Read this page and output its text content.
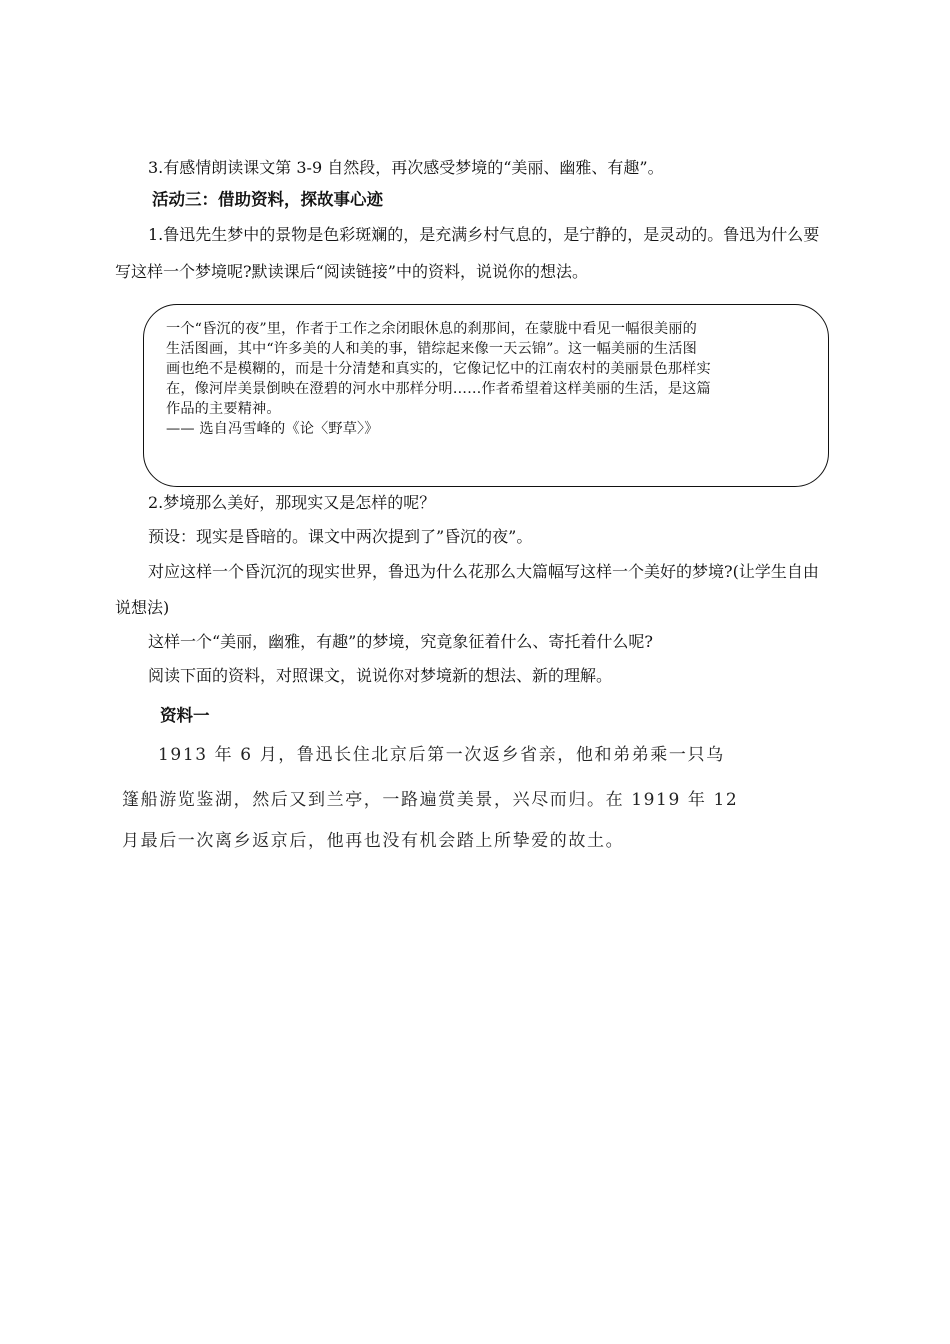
3.有感情朗读课文第 3-9 自然段，再次感受梦境的“美丽、幽雅、有趣”。
活动三：借助资料，探故事心迹
1.鲁迅先生梦中的景物是色彩斑斓的，是充满乡村气息的，是宁静的，是灵动的。鲁迅为什么要
写这样一个梦境呢?默读课后“阅读链接”中的资料，说说你的想法。
一个“昏沉的夜”里，作者于工作之余闭眼休息的刹那间，在蒙胧中看见一幅很美丽的
生活图画，其中“许多美的人和美的事，错综起来像一天云锦”。这一幅美丽的生活图
画也绝不是模糊的，而是十分清楚和真实的，它像记忆中的江南农村的美丽景色那样实
在，像河岸美景倒映在澄碧的河水中那样分明……作者希望着这样美丽的生活，是这篇
作品的主要精神。
—— 选自冯雪峰的《论〈野草〉》
2.梦境那么美好，那现实又是怎样的呢？
预设：现实是昏暗的。课文中两次提到了”昏沉的夜”。
对应这样一个昏沉沉的现实世界，鲁迅为什么花那么大篇幅写这样一个美好的梦境?(让学生自由
说想法)
这样一个“美丽，幽雅，有趣”的梦境，究竟象征着什么、寄托着什么呢?
阅读下面的资料，对照课文，说说你对梦境新的想法、新的理解。
资料一
1913 年 6 月，鲁迅长住北京后第一次返乡省亲，他和弟弟乘一只乌
篷船游览鉴湖，然后又到兰亭，一路遍赏美景，兴尽而归。在 1919 年 12
月最后一次离乡返京后，他再也没有机会踏上所挚爱的故土。
